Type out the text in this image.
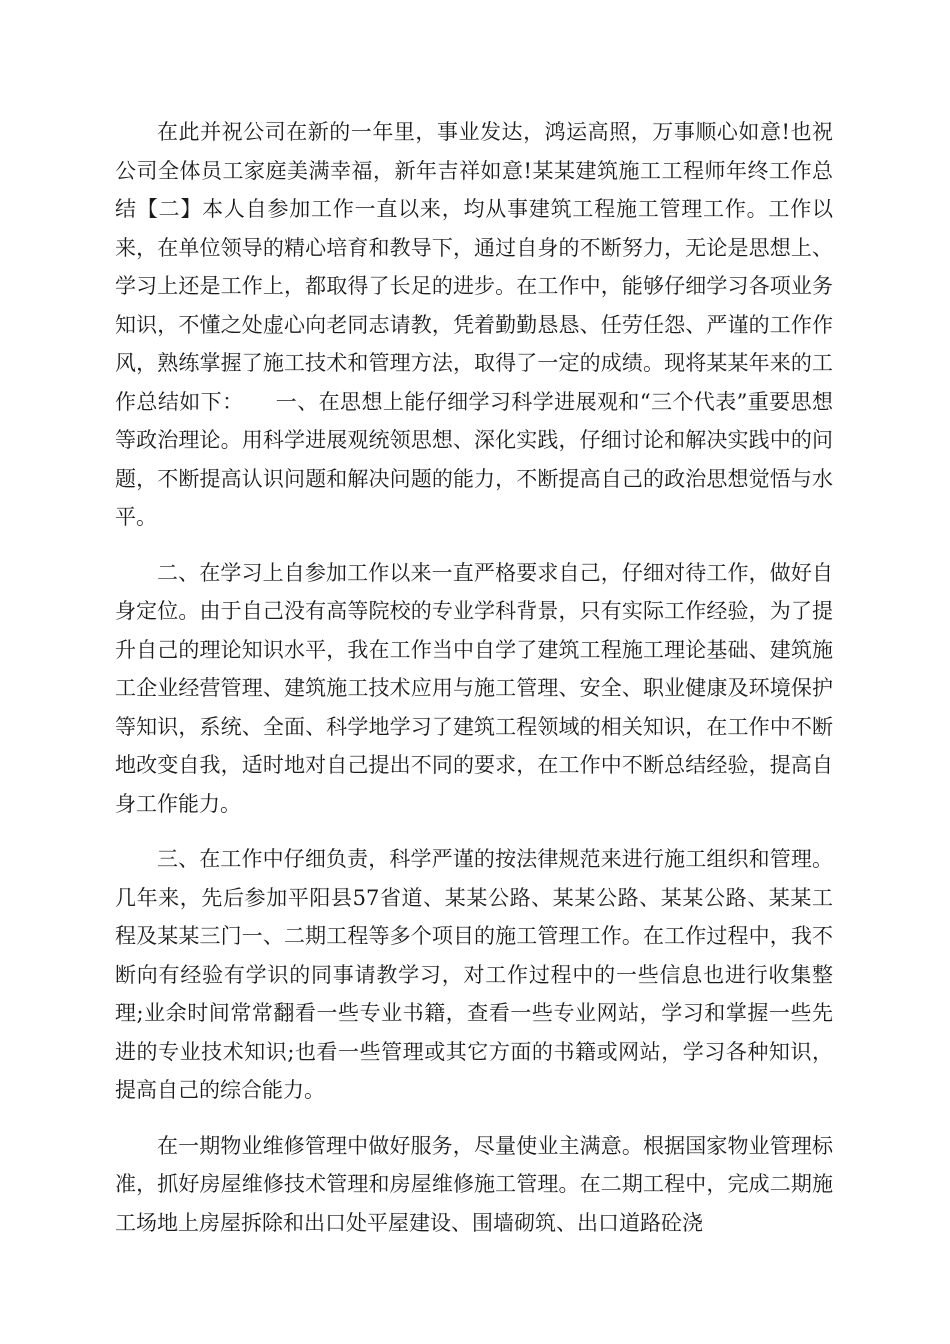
在此并祝公司在新的一年里，事业发达，鸿运高照，万事顺心如意!也祝公司全体员工家庭美满幸福，新年吉祥如意!某某建筑施工工程师年终工作总结【二】本人自参加工作一直以来，均从事建筑工程施工管理工作。工作以来，在单位领导的精心培育和教导下，通过自身的不断努力，无论是思想上、学习上还是工作上，都取得了长足的进步。在工作中，能够仔细学习各项业务知识，不懂之处虚心向老同志请教，凭着勤勤恳恳、任劳任怨、严谨的工作作风，熟练掌握了施工技术和管理方法，取得了一定的成绩。现将某某年来的工作总结如下：　　一、在思想上能仔细学习科学进展观和“三个代表”重要思想等政治理论。用科学进展观统领思想、深化实践，仔细讨论和解决实践中的问题，不断提高认识问题和解决问题的能力，不断提高自己的政治思想觉悟与水平。

二、在学习上自参加工作以来一直严格要求自己，仔细对待工作，做好自身定位。由于自己没有高等院校的专业学科背景，只有实际工作经验，为了提升自己的理论知识水平，我在工作当中自学了建筑工程施工理论基础、建筑施工企业经营管理、建筑施工技术应用与施工管理、安全、职业健康及环境保护等知识，系统、全面、科学地学习了建筑工程领域的相关知识，在工作中不断地改变自我，适时地对自己提出不同的要求，在工作中不断总结经验，提高自身工作能力。

三、在工作中仔细负责，科学严谨的按法律规范来进行施工组织和管理。几年来，先后参加平阳县57省道、某某公路、某某公路、某某公路、某某工程及某某三门一、二期工程等多个项目的施工管理工作。在工作过程中，我不断向有经验有学识的同事请教学习，对工作过程中的一些信息也进行收集整理;业余时间常常翻看一些专业书籍，查看一些专业网站，学习和掌握一些先进的专业技术知识;也看一些管理或其它方面的书籍或网站，学习各种知识，提高自己的综合能力。

在一期物业维修管理中做好服务，尽量使业主满意。根据国家物业管理标准，抓好房屋维修技术管理和房屋维修施工管理。在二期工程中，完成二期施工场地上房屋拆除和出口处平屋建设、围墙砌筑、出口道路砼浇
